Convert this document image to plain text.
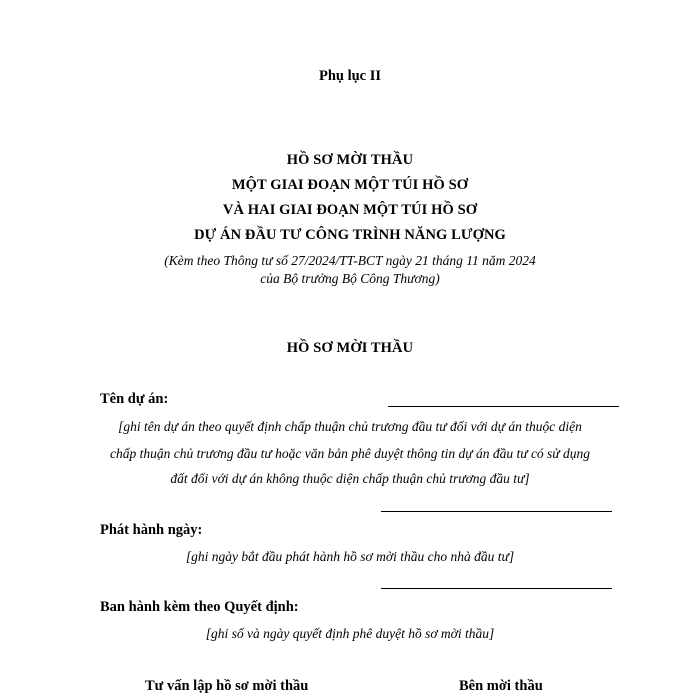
Phụ lục II
HỒ SƠ MỜI THẦU
MỘT GIAI ĐOẠN MỘT TÚI HỒ SƠ
VÀ HAI GIAI ĐOẠN MỘT TÚI HỒ SƠ
DỰ ÁN ĐẦU TƯ CÔNG TRÌNH NĂNG LƯỢNG
(Kèm theo Thông tư số 27/2024/TT-BCT ngày 21 tháng 11 năm 2024
của Bộ trưởng Bộ Công Thương)
HỒ SƠ MỜI THẦU
Tên dự án:
[ghi tên dự án theo quyết định chấp thuận chủ trương đầu tư đối với dự án thuộc diện
chấp thuận chủ trương đầu tư hoặc văn bản phê duyệt thông tin dự án đầu tư có sử dụng
đất đối với dự án không thuộc diện chấp thuận chủ trương đầu tư]
Phát hành ngày:
[ghi ngày bắt đầu phát hành hồ sơ mời thầu cho nhà đầu tư]
Ban hành kèm theo Quyết định:
[ghi số và ngày quyết định phê duyệt hồ sơ mời thầu]
Tư vấn lập hồ sơ mời thầu	Bên mời thầu
